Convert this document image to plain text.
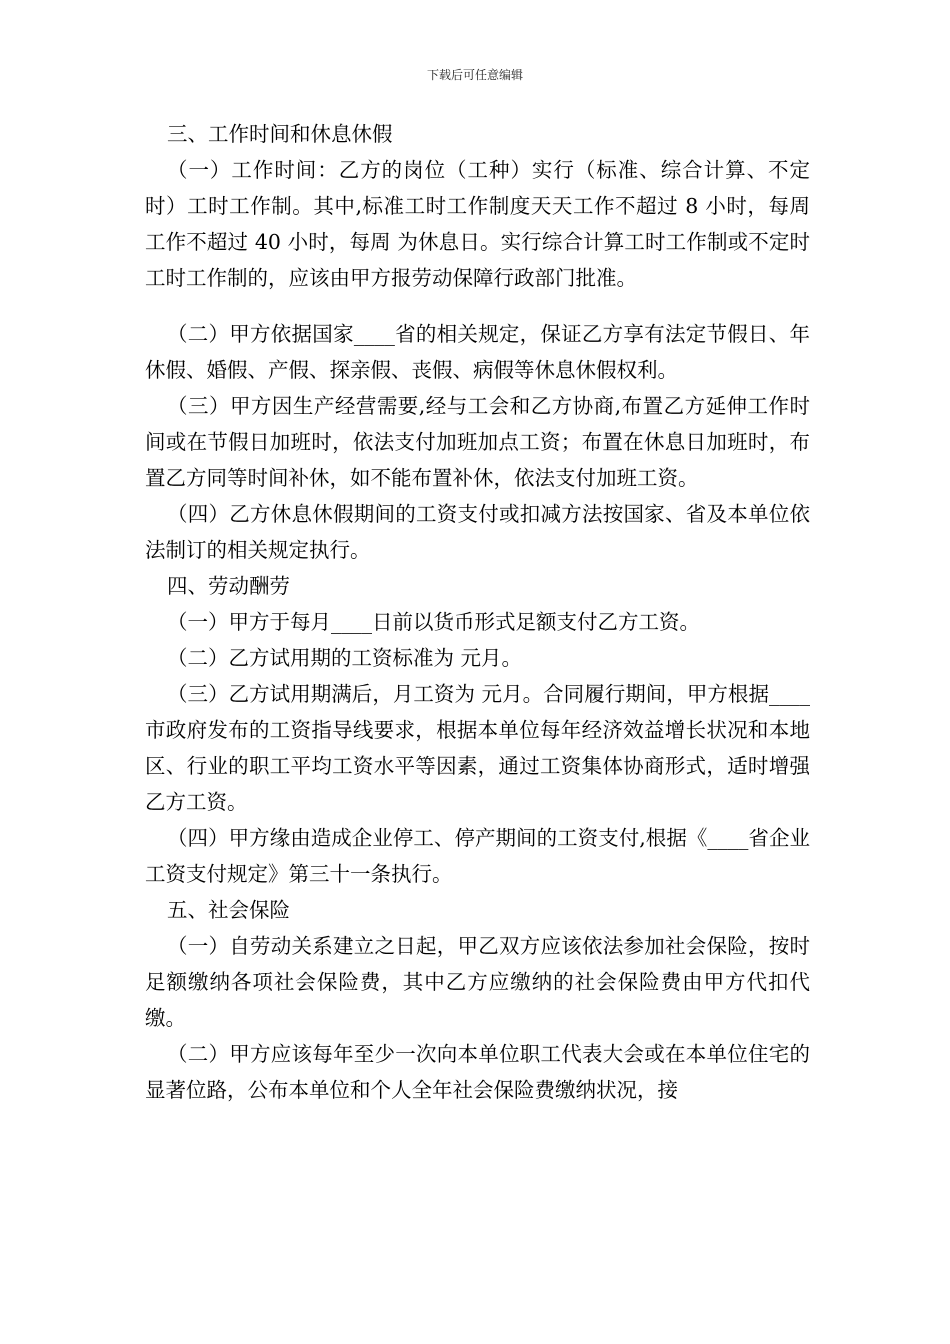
下载后可任意编辑

三、工作时间和休息休假

（一）工作时间：乙方的岗位（工种）实行（标准、综合计算、不定时）工时工作制。其中,标准工时工作制度天天工作不超过 8 小时，每周工作不超过 40 小时，每周 为休息日。实行综合计算工时工作制或不定时工时工作制的，应该由甲方报劳动保障行政部门批准。

（二）甲方依据国家____省的相关规定，保证乙方享有法定节假日、年休假、婚假、产假、探亲假、丧假、病假等休息休假权利。

（三）甲方因生产经营需要,经与工会和乙方协商,布置乙方延伸工作时间或在节假日加班时，依法支付加班加点工资；布置在休息日加班时，布置乙方同等时间补休，如不能布置补休，依法支付加班工资。

（四）乙方休息休假期间的工资支付或扣减方法按国家、省及本单位依法制订的相关规定执行。

四、劳动酬劳

（一）甲方于每月____日前以货币形式足额支付乙方工资。

（二）乙方试用期的工资标准为 元月。

（三）乙方试用期满后，月工资为 元月。合同履行期间，甲方根据____市政府发布的工资指导线要求，根据本单位每年经济效益增长状况和本地区、行业的职工平均工资水平等因素，通过工资集体协商形式，适时增强乙方工资。

（四）甲方缘由造成企业停工、停产期间的工资支付,根据《____省企业工资支付规定》第三十一条执行。

五、社会保险

（一）自劳动关系建立之日起，甲乙双方应该依法参加社会保险，按时足额缴纳各项社会保险费，其中乙方应缴纳的社会保险费由甲方代扣代缴。

（二）甲方应该每年至少一次向本单位职工代表大会或在本单位住宅的显著位路，公布本单位和个人全年社会保险费缴纳状况，接
